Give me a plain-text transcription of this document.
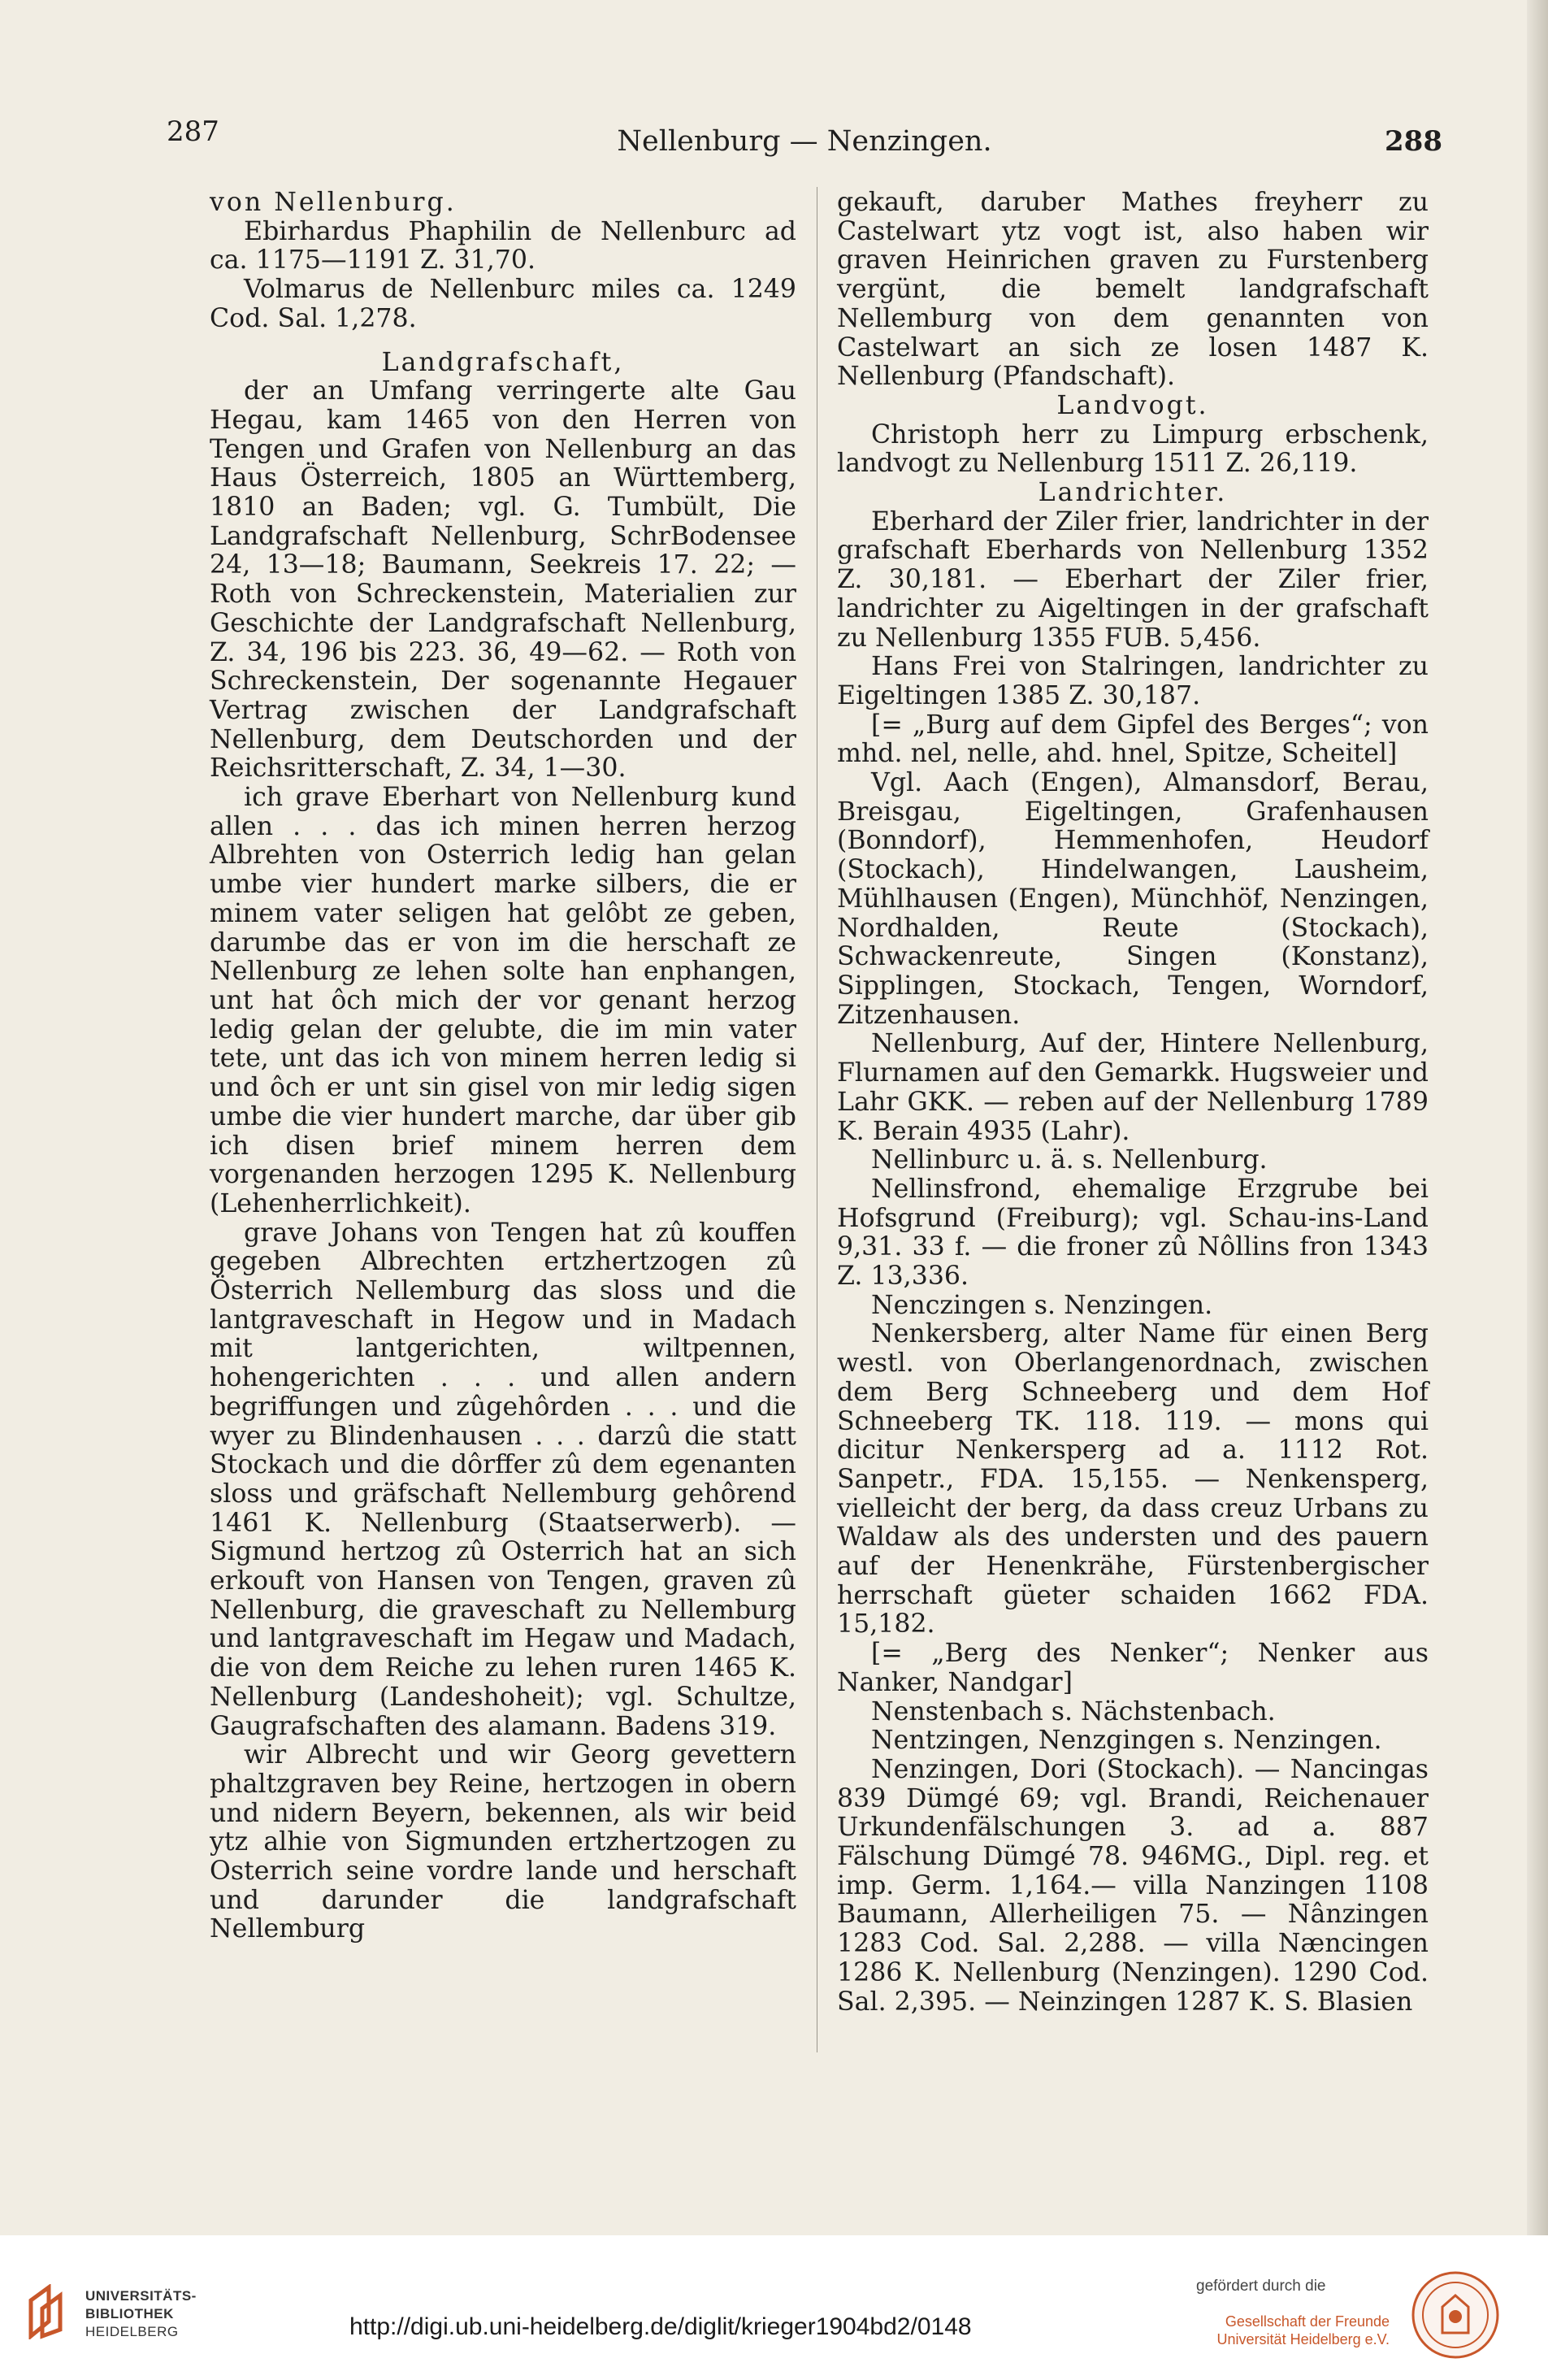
287	Nellenburg — Nenzingen.	288

von Nellenburg.

Ebirhardus Phaphilin de Nellenburc ad ca. 1175—1191 Z. 31,70.

Volmarus de Nellenburc miles ca. 1249 Cod. Sal. 1,278.

Landgrafschaft,

der an Umfang verringerte alte Gau Hegau, kam 1465 von den Herren von Tengen und Grafen von Nellenburg an das Haus Österreich, 1805 an Württemberg, 1810 an Baden; vgl. G. Tumbült, Die Landgrafschaft Nellenburg, SchrBodensee 24, 13—18; Baumann, Seekreis 17. 22; — Roth von Schreckenstein, Materialien zur Geschichte der Landgrafschaft Nellenburg, Z. 34, 196 bis 223. 36, 49—62. — Roth von Schreckenstein, Der sogenannte Hegauer Vertrag zwischen der Landgrafschaft Nellenburg, dem Deutschorden und der Reichsritterschaft, Z. 34, 1—30.

ich grave Eberhart von Nellenburg kund allen . . . das ich minen herren herzog Albrehten von Osterrich ledig han gelan umbe vier hundert marke silbers, die er minem vater seligen hat gelôbt ze geben, darumbe das er von im die herschaft ze Nellenburg ze lehen solte han enphangen, unt hat ôch mich der vor genant herzog ledig gelan der gelubte, die im min vater tete, unt das ich von minem herren ledig si und ôch er unt sin gisel von mir ledig sigen umbe die vier hundert marche, dar über gib ich disen brief minem herren dem vorgenanden herzogen 1295 K. Nellenburg (Lehenherrlichkeit).

grave Johans von Tengen hat zû kouffen gegeben Albrechten ertzhertzogen zû Österrich Nellemburg das sloss und die lantgraveschaft in Hegow und in Madach mit lantgerichten, wiltpennen, hohengerichten . . . und allen andern begriffungen und zûgehôrden . . . und die wyer zu Blindenhausen . . . darzû die statt Stockach und die dôrffer zû dem egenanten sloss und gräfschaft Nellemburg gehôrend 1461 K. Nellenburg (Staatserwerb). — Sigmund hertzog zû Osterrich hat an sich erkouft von Hansen von Tengen, graven zû Nellenburg, die graveschaft zu Nellemburg und lantgraveschaft im Hegaw und Madach, die von dem Reiche zu lehen ruren 1465 K. Nellenburg (Landeshoheit); vgl. Schultze, Gaugrafschaften des alamann. Badens 319.

wir Albrecht und wir Georg gevettern phaltzgraven bey Reine, hertzogen in obern und nidern Beyern, bekennen, als wir beid ytz alhie von Sigmunden ertzhertzogen zu Osterrich seine vordre lande und herschaft und darunder die landgrafschaft Nellemburg

gekauft, daruber Mathes freyherr zu Castelwart ytz vogt ist, also haben wir graven Heinrichen graven zu Furstenberg vergünt, die bemelt landgrafschaft Nellemburg von dem genannten von Castelwart an sich ze losen 1487 K. Nellenburg (Pfandschaft).

Landvogt.

Christoph herr zu Limpurg erbschenk, landvogt zu Nellenburg 1511 Z. 26,119.

Landrichter.

Eberhard der Ziler frier, landrichter in der grafschaft Eberhards von Nellenburg 1352 Z. 30,181. — Eberhart der Ziler frier, landrichter zu Aigeltingen in der grafschaft zu Nellenburg 1355 FUB. 5,456.

Hans Frei von Stalringen, landrichter zu Eigeltingen 1385 Z. 30,187.

[= „Burg auf dem Gipfel des Berges“; von mhd. nel, nelle, ahd. hnel, Spitze, Scheitel]

Vgl. Aach (Engen), Almansdorf, Berau, Breisgau, Eigeltingen, Grafenhausen (Bonndorf), Hemmenhofen, Heudorf (Stockach), Hindelwangen, Lausheim, Mühlhausen (Engen), Münchhöf, Nenzingen, Nordhalden, Reute (Stockach), Schwackenreute, Singen (Konstanz), Sipplingen, Stockach, Tengen, Worndorf, Zitzenhausen.

Nellenburg, Auf der, Hintere Nellenburg, Flurnamen auf den Gemarkk. Hugsweier und Lahr GKK. — reben auf der Nellenburg 1789 K. Berain 4935 (Lahr).

Nellinburc u. ä. s. Nellenburg.

Nellinsfrond, ehemalige Erzgrube bei Hofsgrund (Freiburg); vgl. Schau-ins-Land 9,31. 33 f. — die froner zû Nôllins fron 1343 Z. 13,336.

Nenczingen s. Nenzingen.

Nenkersberg, alter Name für einen Berg westl. von Oberlangenordnach, zwischen dem Berg Schneeberg und dem Hof Schneeberg TK. 118. 119. — mons qui dicitur Nenkersperg ad a. 1112 Rot. Sanpetr., FDA. 15,155. — Nenkensperg, vielleicht der berg, da dass creuz Urbans zu Waldaw als des understen und des pauern auf der Henenkrähe, Fürstenbergischer herrschaft güeter schaiden 1662 FDA. 15,182.

[= „Berg des Nenker“; Nenker aus Nanker, Nandgar]

Nenstenbach s. Nächstenbach.

Nentzingen, Nenzgingen s. Nenzingen.

Nenzingen, Dori (Stockach). — Nancingas 839 Dümgé 69; vgl. Brandi, Reichenauer Urkundenfälschungen 3. ad a. 887 Fälschung Dümgé 78. 946MG., Dipl. reg. et imp. Germ. 1,164.— villa Nanzingen 1108 Baumann, Allerheiligen 75. — Nânzingen 1283 Cod. Sal. 2,288. — villa Næncingen 1286 K. Nellenburg (Nenzingen). 1290 Cod. Sal. 2,395. — Neinzingen 1287 K. S. Blasien

UNIVERSITÄTS-
BIBLIOTHEK
HEIDELBERG	http://digi.ub.uni-heidelberg.de/diglit/krieger1904bd2/0148
gefördert durch die
Gesellschaft der Freunde
Universität Heidelberg e.V.
